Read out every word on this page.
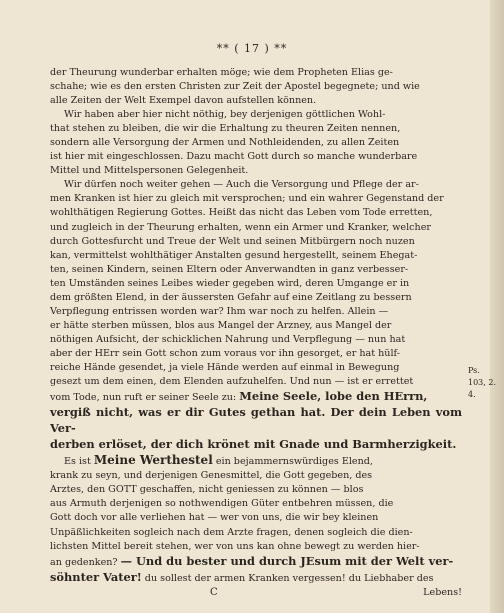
** ( 17 ) **

der Theurung wunderbar erhalten möge; wie dem Propheten Elias ge-
schahe; wie es den ersten Christen zur Zeit der Apostel begegnete; und wie
alle Zeiten der Welt Exempel davon aufstellen können.

Wir haben aber hier nicht nöthig, bey derjenigen göttlichen Wohl-
that stehen zu bleiben, die wir die Erhaltung zu theuren Zeiten nennen,
sondern alle Versorgung der Armen und Nothleidenden, zu allen Zeiten
ist hier mit eingeschlossen. Dazu macht Gott durch so manche wunderbare
Mittel und Mittelspersonen Gelegenheit.

Wir dürfen noch weiter gehen — Auch die Versorgung und Pflege der ar-
men Kranken ist hier zu gleich mit versprochen; und ein wahrer Gegenstand der
wohlthätigen Regierung Gottes. Heißt das nicht das Leben vom Tode erretten,
und zugleich in der Theurung erhalten, wenn ein Armer und Kranker, welcher
durch Gottesfurcht und Treue der Welt und seinen Mitbürgern noch nuzen
kan, vermittelst wohlthätiger Anstalten gesund hergestellt, seinem Ehegat-
ten, seinen Kindern, seinen Eltern oder Anverwandten in ganz verbesser-
ten Umständen seines Leibes wieder gegeben wird, deren Umgange er in
dem größten Elend, in der äussersten Gefahr auf eine Zeitlang zu bessern
Verpflegung entrissen worden war? Ihm war noch zu helfen. Allein —
er hätte sterben müssen, blos aus Mangel der Arzney, aus Mangel der
nöthigen Aufsicht, der schicklichen Nahrung und Verpflegung — nun hat
aber der HErr sein Gott schon zum voraus vor ihn gesorget, er hat hülf-
reiche Hände gesendet, ja viele Hände werden auf einmal in Bewegung
gesezt um dem einen, dem Elenden aufzuhelfen. Und nun — ist er errettet
vom Tode, nun ruft er seiner Seele zu: Meine Seele, lobe den HErrn,
vergiß nicht, was er dir Gutes gethan hat. Der dein Leben vom Ver-
derben erlöset, der dich krönet mit Gnade und Barmherzigkeit.

Es ist Meine Werthestel ein bejammernswürdiges Elend,
krank zu seyn, und derjenigen Genesmittel, die Gott gegeben, des
Arztes, den GOTT geschaffen, nicht geniessen zu können — blos
aus Armuth derjenigen so nothwendigen Güter entbehren müssen, die
Gott doch vor alle verliehen hat — wer von uns, die wir bey kleinen
Unpäßlichkeiten sogleich nach dem Arzte fragen, denen sogleich die dien-
lichsten Mittel bereit stehen, wer von uns kan ohne bewegt zu werden hier-
an gedenken? — Und du bester und durch JEsum mit der Welt ver-
söhnter Vater! du sollest der armen Kranken vergessen! du Liebhaber des

C	Lebens!
Ps. 103, 2. 4.
